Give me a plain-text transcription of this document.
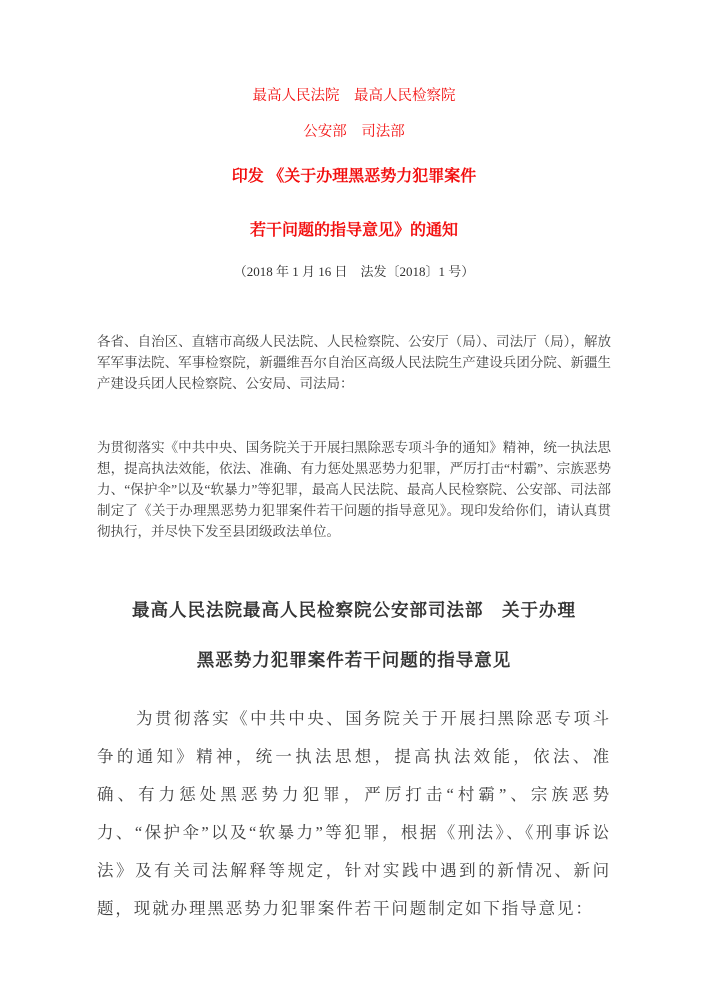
最高人民法院　最高人民检察院

公安部　司法部

印发 《关于办理黑恶势力犯罪案件

若干问题的指导意见》的通知

（2018 年 1 月 16 日　法发〔2018〕1 号）

各省、自治区、直辖市高级人民法院、人民检察院、公安厅（局）、司法厅（局），解放军军事法院、军事检察院，新疆维吾尔自治区高级人民法院生产建设兵团分院、新疆生产建设兵团人民检察院、公安局、司法局：

为贯彻落实《中共中央、国务院关于开展扫黑除恶专项斗争的通知》精神，统一执法思想，提高执法效能，依法、准确、有力惩处黑恶势力犯罪，严厉打击“村霸”、宗族恶势力、“保护伞”以及“软暴力”等犯罪，最高人民法院、最高人民检察院、公安部、司法部制定了《关于办理黑恶势力犯罪案件若干问题的指导意见》。现印发给你们，请认真贯彻执行，并尽快下发至县团级政法单位。

最高人民法院最高人民检察院公安部司法部　关于办理

黑恶势力犯罪案件若干问题的指导意见

为贯彻落实《中共中央、国务院关于开展扫黑除恶专项斗争的通知》精神，统一执法思想，提高执法效能，依法、准确、有力惩处黑恶势力犯罪，严厉打击“村霸”、宗族恶势力、“保护伞”以及“软暴力”等犯罪，根据《刑法》、《刑事诉讼法》及有关司法解释等规定，针对实践中遇到的新情况、新问题，现就办理黑恶势力犯罪案件若干问题制定如下指导意见：
